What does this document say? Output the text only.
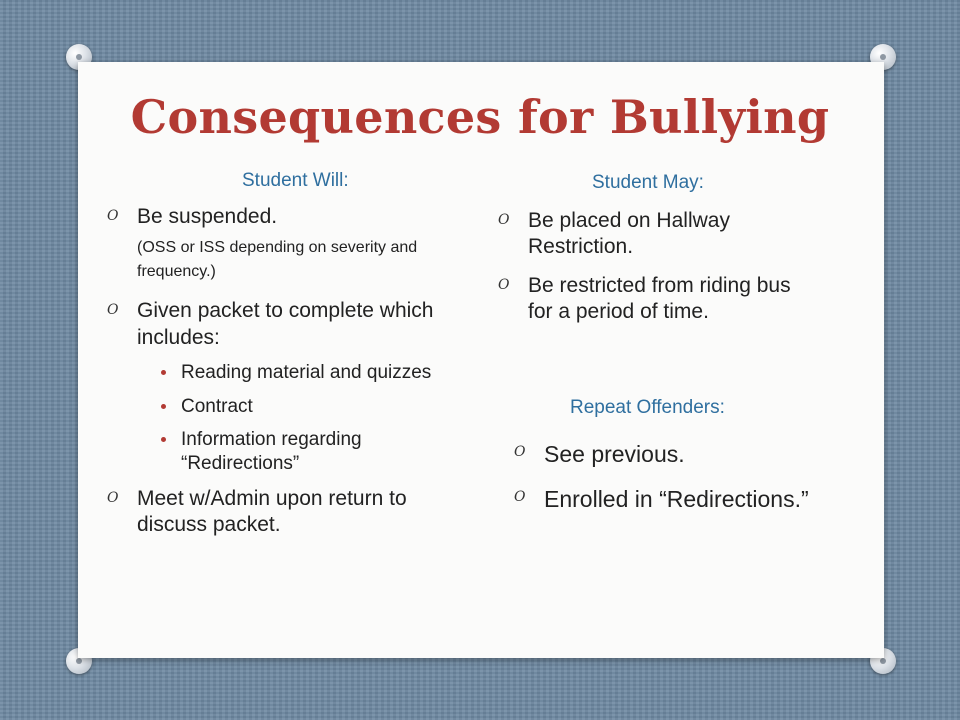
Consequences for Bullying

Student Will:

O Be suspended.

(OSS or ISS depending on severity and frequency.)

O Given packet to complete which includes:

Reading material and quizzes
Contract
Information regarding “Redirections”

O Meet w/Admin upon return to discuss packet.

Student May:

O Be placed on Hallway Restriction.

O Be restricted from riding bus for a period of time.

Repeat Offenders:

O See previous.

O Enrolled in “Redirections.”
